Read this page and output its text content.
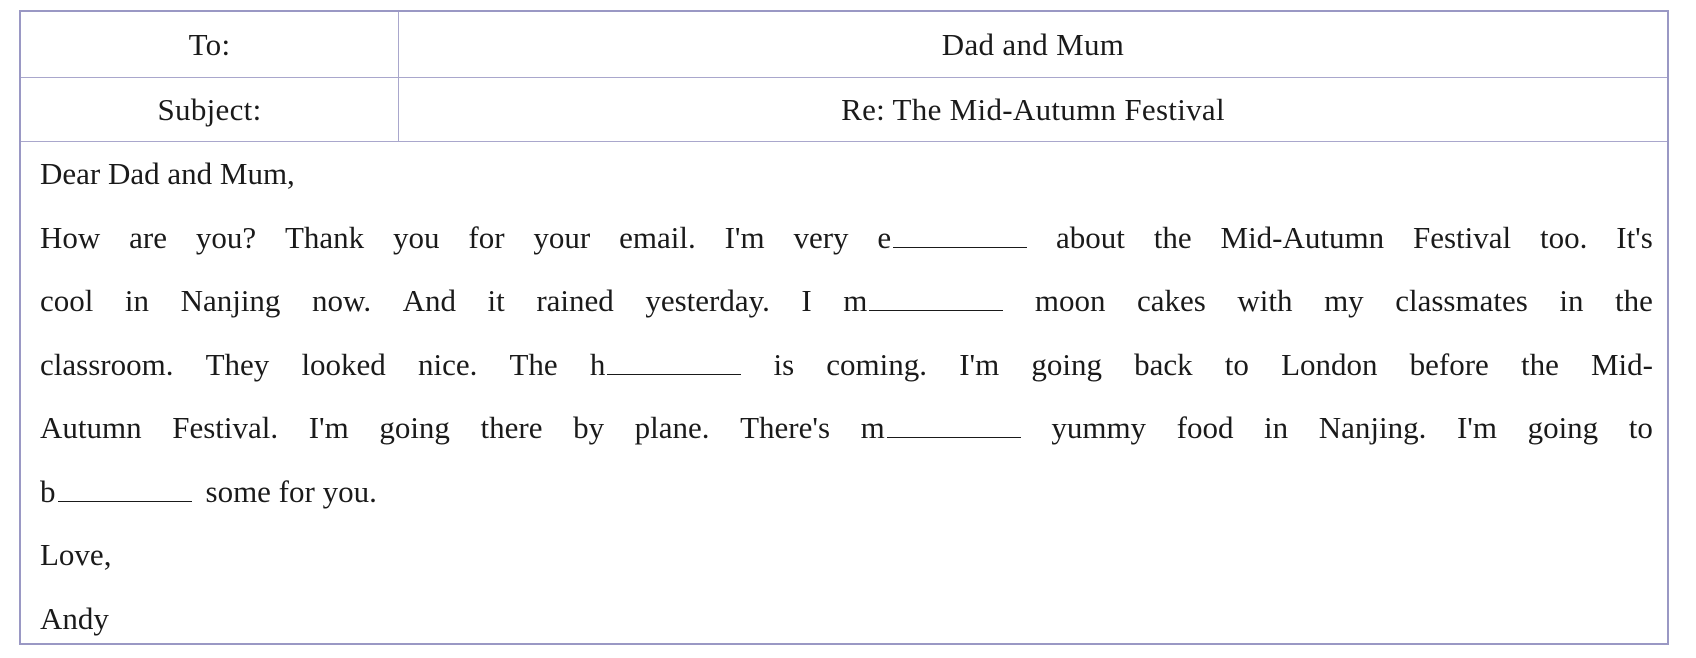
To:	Dad and Mum
Subject:	Re: The Mid-Autumn Festival
Dear Dad and Mum,
How are you? Thank you for your email. I'm very e	about the Mid-Autumn Festival too. It's
cool in Nanjing now. And it rained yesterday. I m	moon cakes with my classmates in the
classroom. They looked nice. The h	is coming. I'm going back to London before the Mid-
Autumn Festival. I'm going there by plane. There's m	yummy food in Nanjing. I'm going to
b	some for you.
Love,
Andy
